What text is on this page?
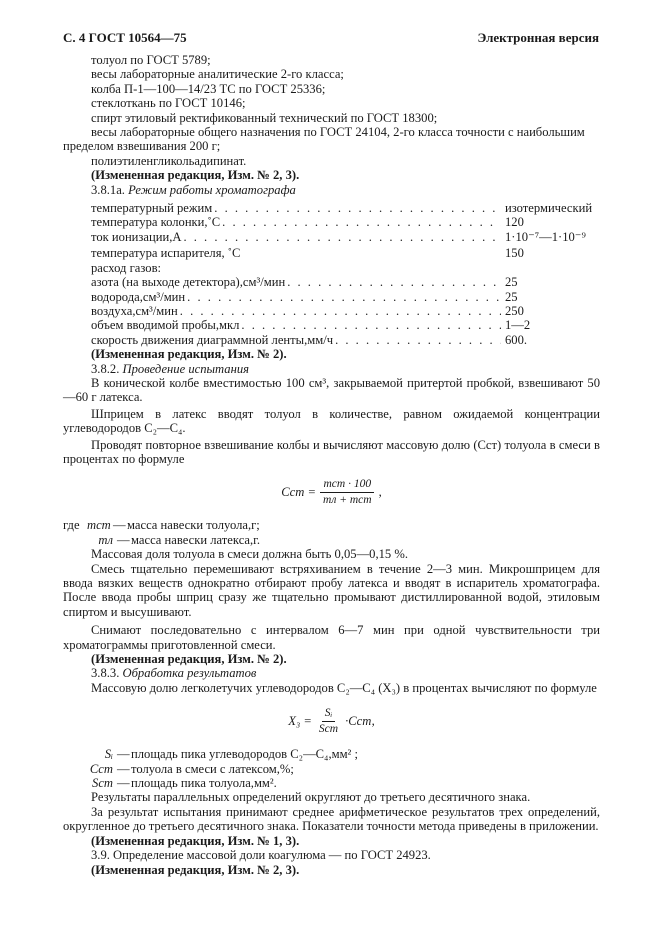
С. 4 ГОСТ 10564—75	Электронная версия

толуол по ГОСТ 5789;

весы лабораторные аналитические 2-го класса;

колба П-1—100—14/23 ТС по ГОСТ 25336;

стеклоткань по ГОСТ 10146;

спирт этиловый ректификованный технический по ГОСТ 18300;

весы лабораторные общего назначения по ГОСТ 24104, 2-го класса точности с наибольшим

пределом взвешивания 200 г;

полиэтиленгликольадипинат.

(Измененная редакция, Изм. № 2, 3).

3.8.1а. Режим работы хроматографа

температурный режим . . .	изотермический
температура колонки,˚С . . .	120
ток ионизации,А . . .	1·10⁻⁷—1·10⁻⁹
температура испарителя, ˚С	150

расход газов:

азота (на выходе детектора),см³/мин . . .	25
водорода,см³/мин . . .	25
воздуха,см³/мин . . .	250
объем вводимой пробы,мкл . . .	1—2
скорость движения диаграммной ленты,мм/ч . . .	600.

(Измененная редакция, Изм. № 2).

3.8.2. Проведение испытания

В конической колбе вместимостью 100 см³, закрываемой притертой пробкой, взвешивают 50—60 г латекса.

Шприцем в латекс вводят толуол в количестве, равном ожидаемой концентрации углеводородов C₂—C₄.

Проводят повторное взвешивание колбы и вычисляют массовую долю (Cст) толуола в смеси в процентах по формуле

Cст = $\frac{\text{mст · 100}}{\text{mл + mст}}$ ,
где mст — масса навески толуола,г;
mл — масса навески латекса,г.

Массовая доля толуола в смеси должна быть 0,05—0,15 %.

Смесь тщательно перемешивают встряхиванием в течение 2—3 мин. Микрошприцем для ввода вязких веществ однократно отбирают пробу латекса и вводят в испаритель хроматографа. После ввода пробы шприц сразу же тщательно промывают дистиллированной водой, этиловым спиртом и высушивают.

Снимают последовательно с интервалом 6—7 мин при одной чувствительности три хроматограммы приготовленной смеси.

(Измененная редакция, Изм. № 2).

3.8.3. Обработка результатов

Массовую долю легколетучих углеводородов C₂—C₄ (X₃) в процентах вычисляют по формуле

$X_3 = \frac{\text{Sᵢ}}{\text{Sст}} \cdot Cст$,
Sᵢ — площадь пика углеводородов C₂—C₄,мм² ;
Cст — толуола в смеси с латексом,%;
Sст — площадь пика толуола,мм².

Результаты параллельных определений округляют до третьего десятичного знака.

За результат испытания принимают среднее арифметическое результатов трех определений, округленное до третьего десятичного знака. Показатели точности метода приведены в приложении.

(Измененная редакция, Изм. № 1, 3).

3.9. Определение массовой доли коагулюма — по ГОСТ 24923.

(Измененная редакция, Изм. № 2, 3).
